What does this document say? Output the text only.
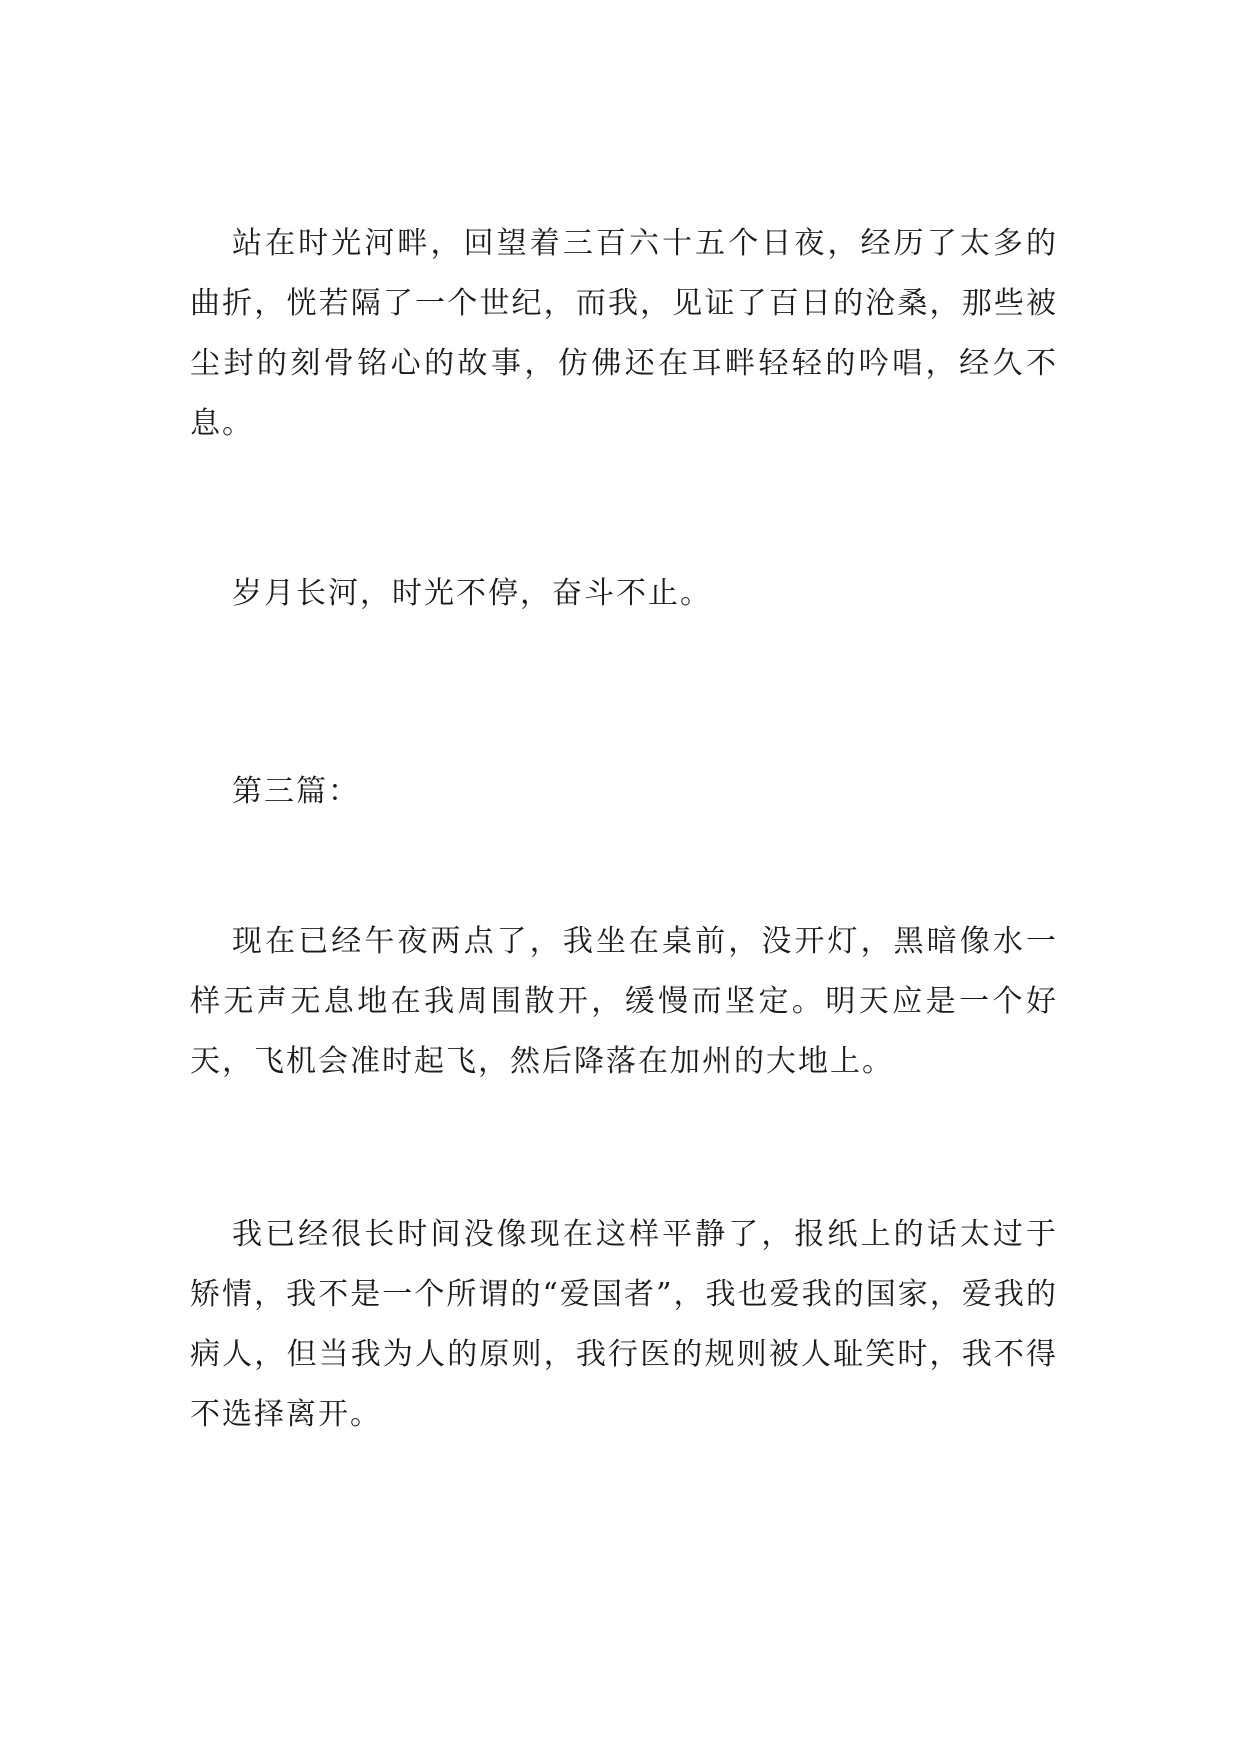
站在时光河畔，回望着三百六十五个日夜，经历了太多的曲折，恍若隔了一个世纪，而我，见证了百日的沧桑，那些被尘封的刻骨铭心的故事，仿佛还在耳畔轻轻的吟唱，经久不息。

岁月长河，时光不停，奋斗不止。

第三篇：

现在已经午夜两点了，我坐在桌前，没开灯，黑暗像水一样无声无息地在我周围散开，缓慢而坚定。明天应是一个好天，飞机会准时起飞，然后降落在加州的大地上。

我已经很长时间没像现在这样平静了，报纸上的话太过于矫情，我不是一个所谓的“爱国者”，我也爱我的国家，爱我的病人，但当我为人的原则，我行医的规则被人耻笑时，我不得不选择离开。
